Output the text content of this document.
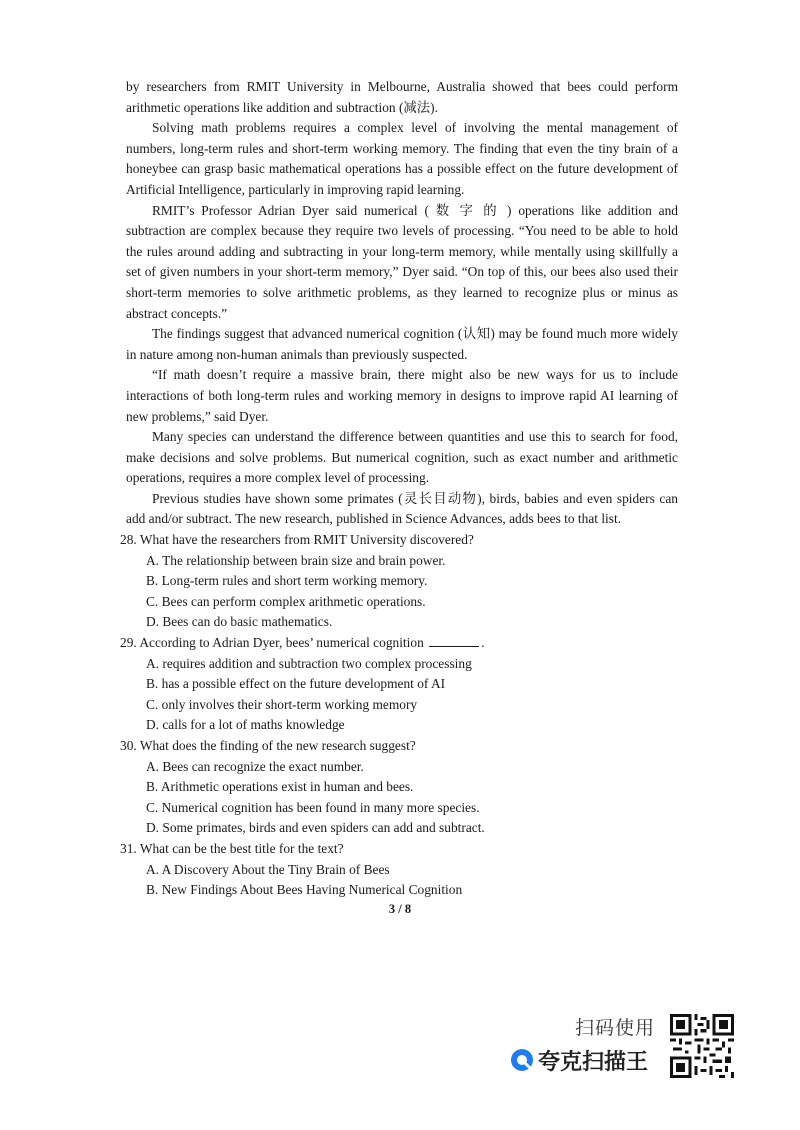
by researchers from RMIT University in Melbourne, Australia showed that bees could perform arithmetic operations like addition and subtraction (减法).

Solving math problems requires a complex level of involving the mental management of numbers, long-term rules and short-term working memory. The finding that even the tiny brain of a honeybee can grasp basic mathematical operations has a possible effect on the future development of Artificial Intelligence, particularly in improving rapid learning.

RMIT’s Professor Adrian Dyer said numerical ( 数 字 的 ) operations like addition and subtraction are complex because they require two levels of processing. “You need to be able to hold the rules around adding and subtracting in your long-term memory, while mentally using skillfully a set of given numbers in your short-term memory,” Dyer said. “On top of this, our bees also used their short-term memories to solve arithmetic problems, as they learned to recognize plus or minus as abstract concepts.”

The findings suggest that advanced numerical cognition (认知) may be found much more widely in nature among non-human animals than previously suspected.

“If math doesn’t require a massive brain, there might also be new ways for us to include interactions of both long-term rules and working memory in designs to improve rapid AI learning of new problems,” said Dyer.

Many species can understand the difference between quantities and use this to search for food, make decisions and solve problems. But numerical cognition, such as exact number and arithmetic operations, requires a more complex level of processing.

Previous studies have shown some primates (灵长目动物), birds, babies and even spiders can add and/or subtract. The new research, published in Science Advances, adds bees to that list.

28. What have the researchers from RMIT University discovered?

A. The relationship between brain size and brain power.
B. Long-term rules and short term working memory.
C. Bees can perform complex arithmetic operations.
D. Bees can do basic mathematics.

29. According to Adrian Dyer, bees’ numerical cognition	.

A. requires addition and subtraction two complex processing
B. has a possible effect on the future development of AI
C. only involves their short-term working memory
D. calls for a lot of maths knowledge

30. What does the finding of the new research suggest?

A. Bees can recognize the exact number.
B. Arithmetic operations exist in human and bees.
C. Numerical cognition has been found in many more species.
D. Some primates, birds and even spiders can add and subtract.

31. What can be the best title for the text?

A. A Discovery About the Tiny Brain of Bees
B. New Findings About Bees Having Numerical Cognition
3 / 8
扫码使用
夸克扫描王
